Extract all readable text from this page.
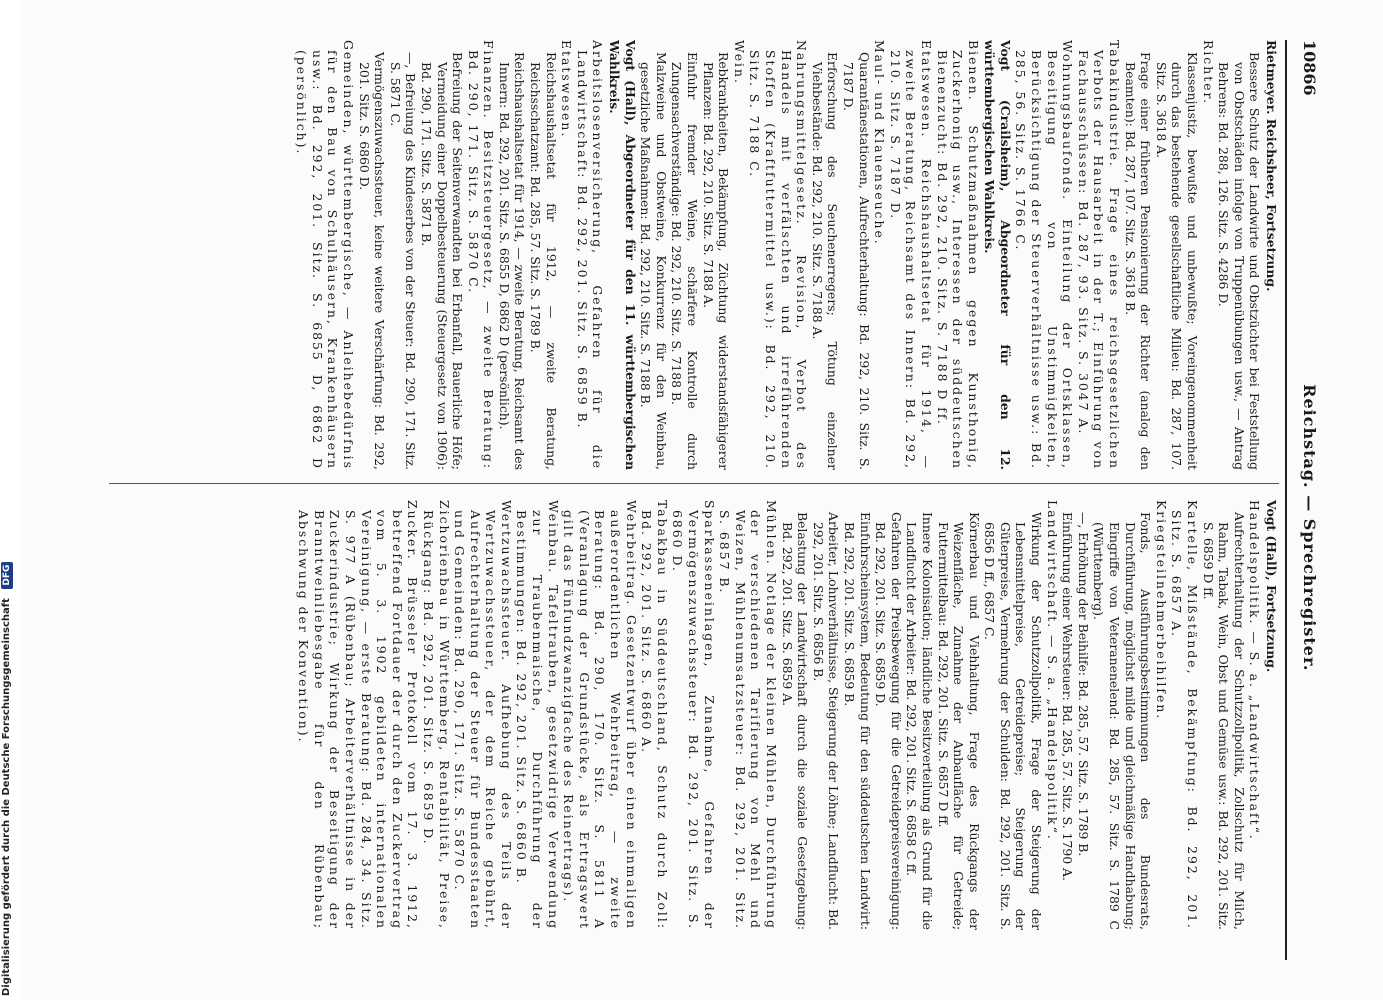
Digitalisierung gefördert durch die Deutsche Forschungsgemeinschaft DFG
10866
Reichstag. — Sprechregister.

Rietmeyer. Reichsheer, Fortsetzung.

Bessere Schutz der Landwirte und Obstzüchter bei Feststellung von Obstschäden infolge von Truppenübungen usw., — Antrag Behrens: Bd. 288, 126. Sitz. S. 4286 D.

Richter.

Klassenjustiz, bewußte und unbewußte; Voreingenommenheit durch das bestehende gesellschaftliche Milieu: Bd. 287, 107. Sitz. S. 3618 A.

Frage einer früheren Pensionierung der Richter (analog den Beamten): Bd. 287, 107. Sitz. S. 3618 B.

Tabakindustrie. Frage eines reichsgesetzlichen Verbots der Hausarbeit in der T.; Einführung von Fachausschüssen: Bd. 287, 93. Sitz. S. 3047 A.

Wohnungsbaufonds. Einteilung der Ortsklassen, Beseitigung von Unstimmigkeiten, Berücksichtigung der Steuerverhältnisse usw.: Bd. 285, 56. Sitz. S. 1766 C.

Vogt (Crailsheim), Abgeordneter für den 12. württembergischen Wahlkreis.

Bienen. Schutzmaßnahmen gegen Kunsthonig, Zuckerhonig usw., Interessen der süddeutschen Bienenzucht: Bd. 292, 210. Sitz. S. 7188 D ff.

Etatswesen. Reichshaushaltsetat für 1914, — zweite Beratung, Reichsamt des Innern: Bd. 292, 210. Sitz. S. 7187 D.

Maul- und Klauenseuche.

Quarantänestationen, Aufrechterhaltung: Bd. 292, 210. Sitz. S. 7187 D.

Erforschung des Seuchenerregers; Tötung einzelner Viehbestände: Bd. 292, 210. Sitz. S. 7188 A.

Nahrungsmittelgesetz. Revision, Verbot des Handels mit verfälschten und irreführenden Stoffen (Kraftfuttermittel usw.): Bd. 292, 210. Sitz. S. 7188 C.

Wein.

Rebkrankheiten, Bekämpfung, Züchtung widerstandsfähigerer Pflanzen: Bd. 292, 210. Sitz. S. 7188 A.

Einfuhr fremder Weine, schärfere Kontrolle durch Zungensachverständige: Bd. 292, 210. Sitz. S. 7188 B.

Malzweine und Obstweine, Konkurrenz für den Weinbau, gesetzliche Maßnahmen: Bd. 292, 210. Sitz. S. 7188 B.

Vogt (Hall), Abgeordneter für den 11. württembergischen Wahlkreis.

Arbeitslosenversicherung, Gefahren für die Landwirtschaft: Bd. 292, 201. Sitz. S. 6859 B.

Etatswesen.

Reichshaushaltsetat für 1912, — zweite Beratung, Reichsschatzamt: Bd. 285, 57. Sitz. S. 1789 B.

Reichshaushaltsetat für 1914, — zweite Beratung, Reichsamt des Innern: Bd. 292, 201. Sitz. S. 6855 D, 6862 D (persönlich).

Finanzen. Besitzsteuergesetz, — zweite Beratung: Bd. 290, 171. Sitz. S. 5870 C.

Befreiung der Seitenverwandten bei Erbanfall, Bauerliche Höfe; Vermeidung einer Doppelbesteuerung (Steuergesetz von 1906): Bd. 290, 171. Sitz. S. 5871 B.

—, Befreiung des Kindeserbes von der Steuer: Bd. 290, 171. Sitz. S. 5871 C.

Vermögenszuwachssteuer, keine weitere Verschärfung: Bd. 292, 201. Sitz. S. 6860 D.

Gemeinden, württembergische, — Anleihebedürfnis für den Bau von Schulhäusern, Krankenhäusern usw.: Bd. 292, 201. Sitz. S. 6855 D, 6862 D (persönlich).

Vogt (Hall), Fortsetzung.

Handelspolitik. — S. a. „Landwirtschaft“.

Aufrechterhaltung der Schutzzollpolitik, Zollschutz für Milch, Rahm, Tabak, Wein, Obst und Gemüse usw.: Bd. 292, 201. Sitz. S. 6859 D ff.

Kartelle, Mißstände, Bekämpfung: Bd. 292, 201. Sitz. S. 6857 A.

Kriegsteilnehmerbeihilfen.

Fonds, Ausführungsbestimmungen des Bundesrats, Durchführung, möglichst milde und gleichmäßige Handhabung; Eingriffe von Veteranenelend: Bd. 285, 57. Sitz. S. 1789 C (Württemberg).

—, Erhöhung der Beihilfe: Bd. 285, 57. Sitz. S. 1789 B.

Einführung einer Wehrsteuer: Bd. 285, 57. Sitz. S. 1790 A.

Landwirtschaft. — S. a. „Handelspolitik“.

Wirkung der Schutzzollpolitik, Frage der Steigerung der Lebensmittelpreise, Getreidepreise; Steigerung der Güterpreise, Vermehrung der Schulden: Bd. 292, 201. Sitz. S. 6856 D ff., 6857 C.

Körnerbau und Viehhaltung, Frage des Rückgangs der Weizenfläche, Zunahme der Anbaufläche für Getreide; Futtermittelbau: Bd. 292, 201. Sitz. S. 6857 D ff.

Innere Kolonisation; ländliche Besitzverteilung als Grund für die Landflucht der Arbeiter: Bd. 292, 201. Sitz. S. 6858 C ff.

Gefahren der Preisbewegung für die Getreidepreisvereinigung: Bd. 292, 201. Sitz. S. 6859 D.

Einfuhrscheinsystem, Bedeutung für den süddeutschen Landwirt: Bd. 292, 201. Sitz. S. 6859 B.

Arbeiter, Lohnverhältnisse, Steigerung der Löhne; Landflucht: Bd. 292, 201. Sitz. S. 6856 B.

Belastung der Landwirtschaft durch die soziale Gesetzgebung: Bd. 292, 201. Sitz. S. 6859 A.

Mühlen. Notlage der kleinen Mühlen, Durchführung der verschiedenen Tarifierung von Mehl und Weizen, Mühlenumsatzsteuer: Bd. 292, 201. Sitz. S. 6857 B.

Sparkasseneinlagen, Zunahme, Gefahren der Vermögenszuwachssteuer: Bd. 292, 201. Sitz. S. 6860 D.

Tabakbau in Süddeutschland, Schutz durch Zoll: Bd. 292, 201. Sitz. S. 6860 A.

Wehrbeitrag. Gesetzentwurf über einen einmaligen außerordentlichen Wehrbeitrag, — zweite Beratung: Bd. 290, 170. Sitz. S. 5811 A (Veranlagung der Grundstücke, als Ertragswert gilt das Fünfundzwanzigfache des Reinertrags).

Weinbau. Tafeltrauben, gesetzwidrige Verwendung zur Traubenmaische, Durchführung der Bestimmungen: Bd. 292, 201. Sitz. S. 6860 B.

Wertzuwachssteuer. Aufhebung des Teils der Wertzuwachssteuer, der dem Reiche gebührt, Aufrechterhaltung der Steuer für Bundesstaaten und Gemeinden: Bd. 290, 171. Sitz. S. 5870 C.

Zichorienbau in Württemberg, Rentabilität, Preise, Rückgang: Bd. 292, 201. Sitz. S. 6859 D.

Zucker. Brüsseler Protokoll vom 17. 3. 1912, betreffend Fortdauer der durch den Zuckervertrag vom 5. 3. 1902 gebildeten internationalen Vereinigung, — erste Beratung: Bd. 284, 34. Sitz. S. 977 A (Rübenbau; Arbeiterverhältnisse in der Zuckerindustrie; Wirkung der Beseitigung der Branntweinliebesgabe für den Rübenbau; Abschwung der Konvention).
